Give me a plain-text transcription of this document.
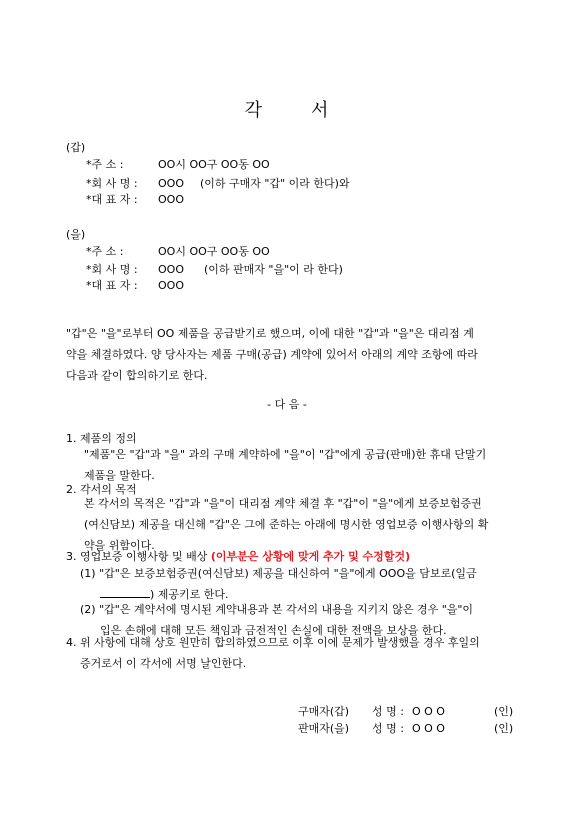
각	서
(갑)
*주 소 :	OO시 OO구 OO동 OO
*회 사 명 : OOO (이하 구매자 "갑" 이라 한다)와
*대 표 자 : OOO
(을)
*주 소 :	OO시 OO구 OO동 OO
*회 사 명 : OOO (이하 판매자 "을"이 라 한다)
*대 표 자 : OOO
"갑"은 "을"로부터 OO 제품을 공급받기로 했으며, 이에 대한 "갑"과 "을"은 대리점 계
약을 체결하였다. 양 당사자는 제품 구매(공급) 계약에 있어서 아래의 계약 조항에 따라
다음과 같이 합의하기로 한다.
- 다 음 -
1. 제품의 정의
"제품"은 "갑"과 "을" 과의 구매 계약하에 "을"이 "갑"에게 공급(판매)한 휴대 단말기
제품을 말한다.
2. 각서의 목적
본 각서의 목적은 "갑"과 "을"이 대리점 계약 체결 후 "갑"이 "을"에게 보증보험증권
(여신담보) 제공을 대신해 "갑"은 그에 준하는 아래에 명시한 영업보증 이행사항의 확
약을 위함이다.
3. 영업보증 이행사항 및 배상 (이부분은 상황에 맞게 추가 및 수정할것)
(1) "갑"은 보증보험증권(여신담보) 제공을 대신하여 "을"에게 OOO을 담보로(일금
) 제공키로 한다.
(2) "갑"은 계약서에 명시된 계약내용과 본 각서의 내용을 지키지 않은 경우 "을"이
입은 손해에 대해 모든 책임과 금전적인 손실에 대한 전액을 보상을 한다.
4. 위 사항에 대해 상호 원만히 합의하였으므로 이후 이에 문제가 발생했을 경우 후일의
증거로서 이 각서에 서명 날인한다.
구매자(갑) 성 명 : O O O	(인)
판매자(을) 성 명 : O O O	(인)
